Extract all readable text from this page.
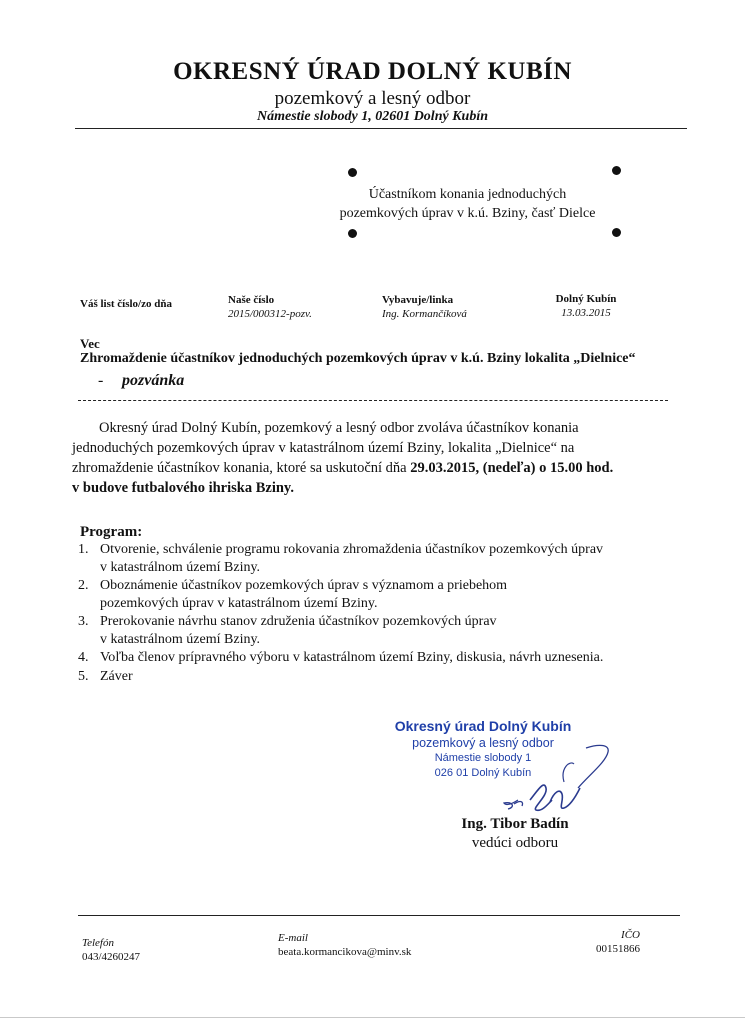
OKRESNÝ ÚRAD DOLNÝ KUBÍN
pozemkový a lesný odbor
Námestie slobody 1, 02601 Dolný Kubín
Účastníkom konania jednoduchých
pozemkových úprav v k.ú. Bziny, časť Dielce
Váš list číslo/zo dňa	Naše číslo
2015/000312-pozv.
Vybavuje/linka
Ing. Kormančíková
Dolný Kubín
13.03.2015
Vec
Zhromaždenie účastníkov jednoduchých pozemkových úprav v k.ú. Bziny lokalita „Dielnice“
- pozvánka
Okresný úrad Dolný Kubín, pozemkový a lesný odbor zvoláva účastníkov konania
jednoduchých pozemkových úprav v katastrálnom území Bziny, lokalita „Dielnice“ na
zhromaždenie účastníkov konania, ktoré sa uskutoční dňa 29.03.2015, (nedeľa) o 15.00 hod.
v budove futbalového ihriska Bziny.
Program:
1. Otvorenie, schválenie programu rokovania zhromaždenia účastníkov pozemkových úprav
v katastrálnom území Bziny.
2. Oboznámenie účastníkov pozemkových úprav s významom a priebehom
pozemkových úprav v katastrálnom území Bziny.
3. Prerokovanie návrhu stanov združenia účastníkov pozemkových úprav
v katastrálnom území Bziny.
4. Voľba členov prípravného výboru v katastrálnom území Bziny, diskusia, návrh uznesenia.
5. Záver
Okresný úrad Dolný Kubín
pozemkový a lesný odbor
Námestie slobody 1
026 01 Dolný Kubín
Ing. Tibor Badín
vedúci odboru
Telefón
043/4260247
E-mail
beata.kormancikova@minv.sk
IČO
00151866
